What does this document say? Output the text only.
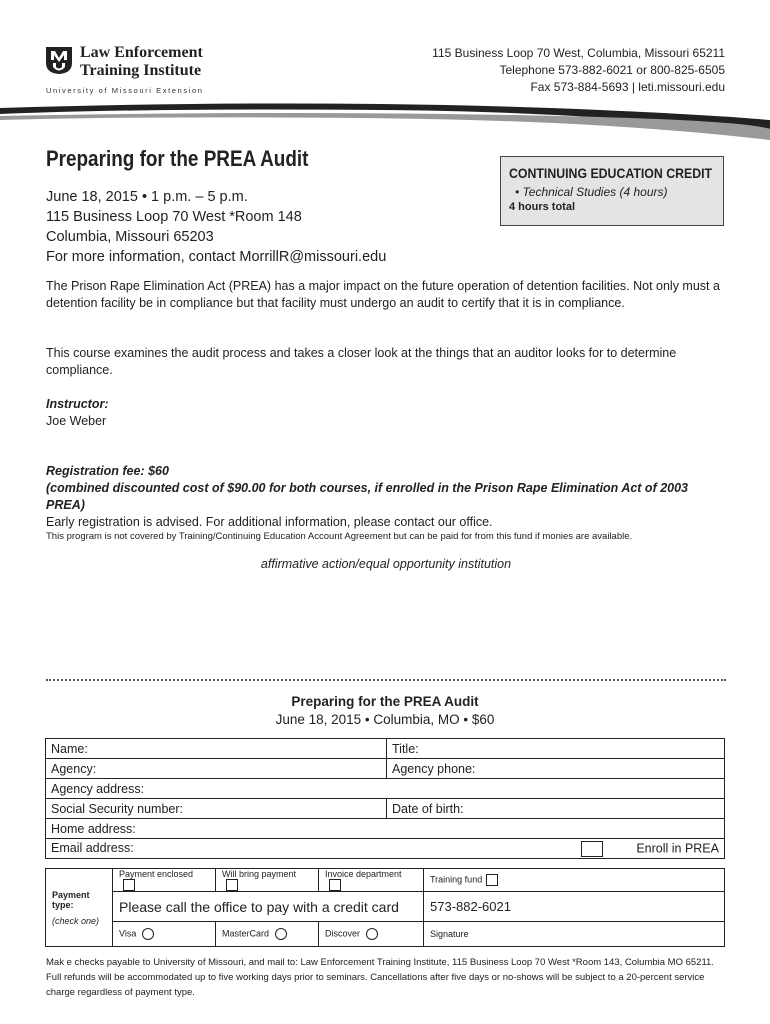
Law Enforcement
Training Institute
University of Missouri Extension
115 Business Loop 70 West, Columbia, Missouri 65211
Telephone 573-882-6021 or 800-825-6505
Fax 573-884-5693 | leti.missouri.edu
Preparing for the PREA Audit
June 18, 2015 • 1 p.m. – 5 p.m.
115 Business Loop 70 West *Room 148
Columbia, Missouri 65203
For more information, contact MorrillR@missouri.edu
CONTINUING EDUCATION CREDIT
• Technical Studies (4 hours)
4 hours total
The Prison Rape Elimination Act (PREA) has a major impact on the future operation of detention facilities. Not only must a detention facility be in compliance but that facility must undergo an audit to certify that it is in compliance.
This course examines the audit process and takes a closer look at the things that an auditor looks for to determine compliance.
Instructor:
Joe Weber
Registration fee: $60
(combined discounted cost of $90.00 for both courses, if enrolled in the Prison Rape Elimination Act of 2003 PREA)
Early registration is advised. For additional information, please contact our office.
This program is not covered by Training/Continuing Education Account Agreement but can be paid for from this fund if monies are available.
affirmative action/equal opportunity institution
Preparing for the PREA Audit
June 18, 2015 • Columbia, MO • $60
Name:	Title:
Agency:	Agency phone:
Agency address:	
Social Security number:	Date of birth:
Home address:	
Email address: Enroll in PREA	
Payment type:
(check one)	Payment enclosed	Will bring payment	Invoice department	Training fund
	Please call the office to pay with a credit card			573-882-6021
	Visa	MasterCard	Discover	Signature
Mak e checks payable to University of Missouri, and mail to: Law Enforcement Training Institute, 115 Business Loop 70 West *Room 143, Columbia MO 65211. Full refunds will be accommodated up to five working days prior to seminars. Cancellations after five days or no-shows will be subject to a 20-percent service charge regardless of payment type.
